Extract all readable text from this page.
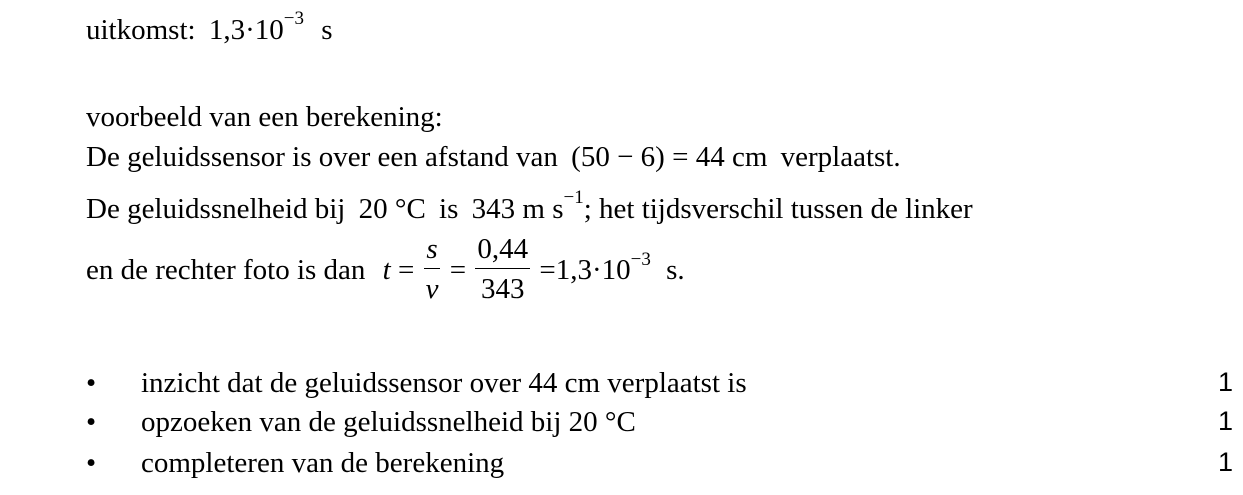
uitkomst: $1,3\cdot 10^{-3}$ s
voorbeeld van een berekening:
De geluidssensor is over een afstand van (50 − 6) = 44 cm verplaatst.
De geluidssnelheid bij 20 °C is 343 m $s^{-1}$; het tijdsverschil tussen de linker
en de rechter foto is dan $t = \frac{s}{v} = \frac{0,44}{343} =1,3\cdot 10^{-3}$ s.
• inzicht dat de geluidssensor over 44 cm verplaatst is	1
• opzoeken van de geluidssnelheid bij 20 °C	1
• completeren van de berekening	1
